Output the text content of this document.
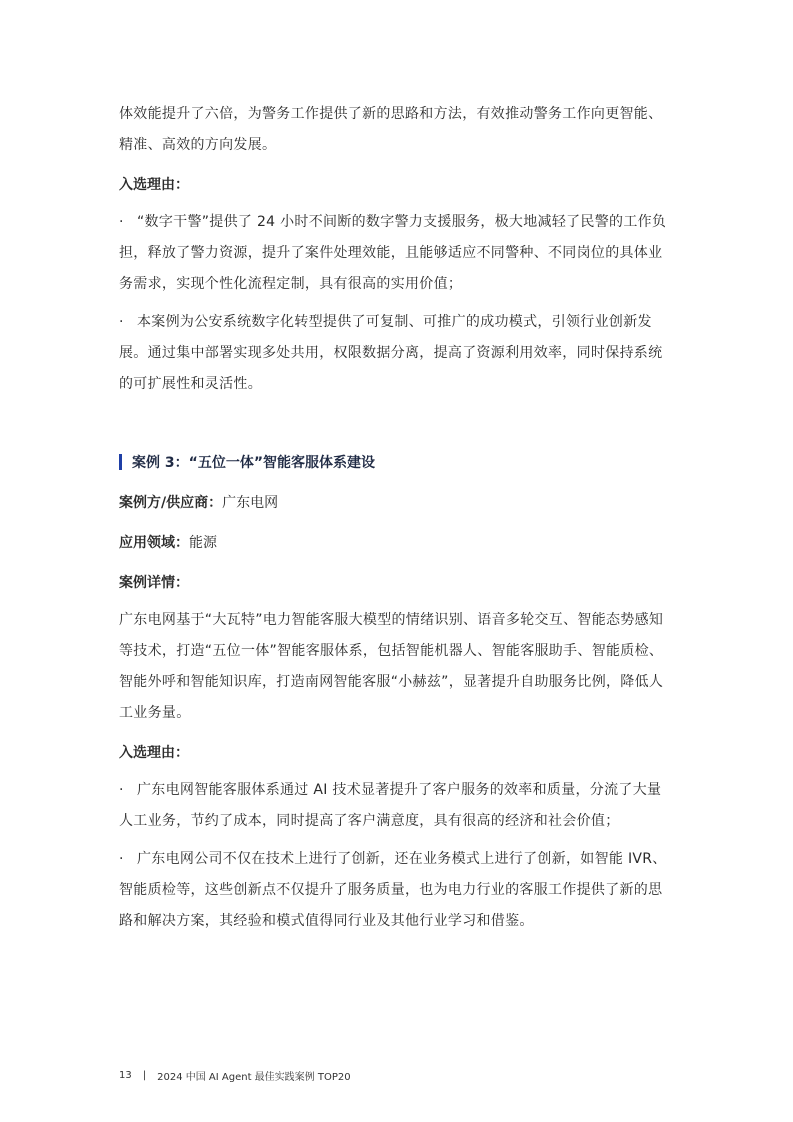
体效能提升了六倍，为警务工作提供了新的思路和方法，有效推动警务工作向更智能、精准、高效的方向发展。

入选理由：

· “数字干警”提供了 24 小时不间断的数字警力支援服务，极大地减轻了民警的工作负担，释放了警力资源，提升了案件处理效能，且能够适应不同警种、不同岗位的具体业务需求，实现个性化流程定制，具有很高的实用价值；

· 本案例为公安系统数字化转型提供了可复制、可推广的成功模式，引领行业创新发展。通过集中部署实现多处共用，权限数据分离，提高了资源利用效率，同时保持系统的可扩展性和灵活性。

案例 3：“五位一体”智能客服体系建设

案例方/供应商：广东电网

应用领域：能源

案例详情：

广东电网基于“大瓦特”电力智能客服大模型的情绪识别、语音多轮交互、智能态势感知等技术，打造“五位一体”智能客服体系，包括智能机器人、智能客服助手、智能质检、智能外呼和智能知识库，打造南网智能客服“小赫兹”，显著提升自助服务比例，降低人工业务量。

入选理由：

· 广东电网智能客服体系通过 AI 技术显著提升了客户服务的效率和质量，分流了大量人工业务，节约了成本，同时提高了客户满意度，具有很高的经济和社会价值；

· 广东电网公司不仅在技术上进行了创新，还在业务模式上进行了创新，如智能 IVR、智能质检等，这些创新点不仅提升了服务质量，也为电力行业的客服工作提供了新的思路和解决方案，其经验和模式值得同行业及其他行业学习和借鉴。

13 | 2024 中国 AI Agent 最佳实践案例 TOP20
